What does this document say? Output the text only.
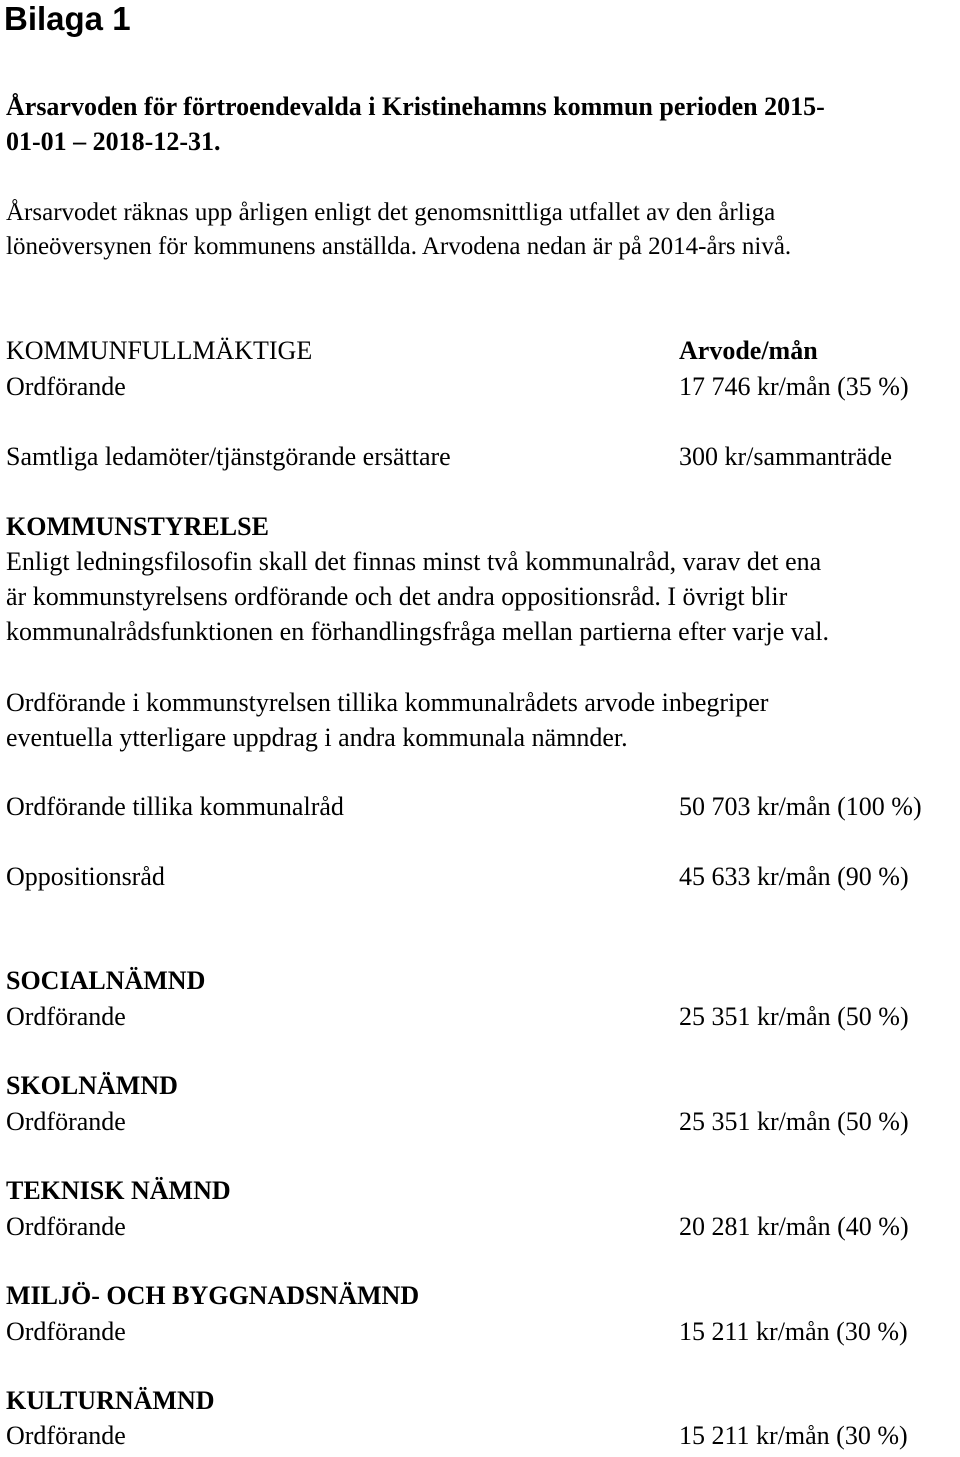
Bilaga 1
Årsarvoden för förtroendevalda i Kristinehamns kommun perioden 2015-
01-01 – 2018-12-31.
Årsarvodet räknas upp årligen enligt det genomsnittliga utfallet av den årliga
löneöversynen för kommunens anställda. Arvodena nedan är på 2014-års nivå.
KOMMUNFULLMÄKTIGE	Arvode/mån
Ordförande	17 746 kr/mån (35 %)
Samtliga ledamöter/tjänstgörande ersättare	300 kr/sammanträde
KOMMUNSTYRELSE
Enligt ledningsfilosofin skall det finnas minst två kommunalråd, varav det ena
är kommunstyrelsens ordförande och det andra oppositionsråd. I övrigt blir
kommunalrådsfunktionen en förhandlingsfråga mellan partierna efter varje val.
Ordförande i kommunstyrelsen tillika kommunalrådets arvode inbegriper
eventuella ytterligare uppdrag i andra kommunala nämnder.
Ordförande tillika kommunalråd	50 703 kr/mån (100 %)
Oppositionsråd	45 633 kr/mån (90 %)
SOCIALNÄMND
Ordförande	25 351 kr/mån (50 %)
SKOLNÄMND
Ordförande	25 351 kr/mån (50 %)
TEKNISK NÄMND
Ordförande	20 281 kr/mån (40 %)
MILJÖ- OCH BYGGNADSNÄMND
Ordförande	15 211 kr/mån (30 %)
KULTURNÄMND
Ordförande	15 211 kr/mån (30 %)
